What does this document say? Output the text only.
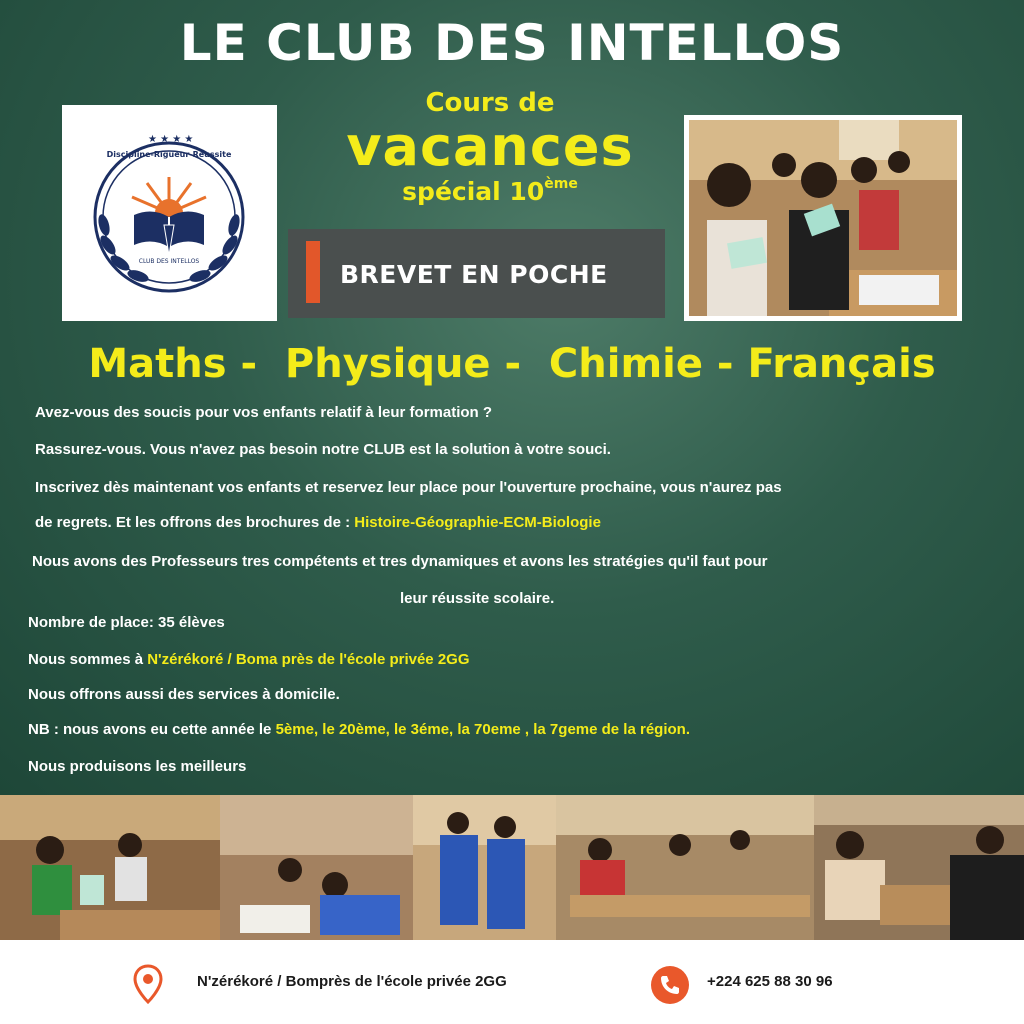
LE CLUB DES INTELLOS
★ ★ ★ ★
CLUB DES INTELLOS
Discipline-Rigueur-Réussite
Cours de
vacances
spécial 10ème
BREVET EN POCHE
Maths -  Physique -  Chimie - Français
Avez-vous des soucis pour vos enfants relatif à leur formation ?
Rassurez-vous. Vous n'avez pas besoin notre CLUB est la solution à votre souci.
Inscrivez dès maintenant vos enfants et reservez leur place pour l'ouverture prochaine, vous n'aurez pas
de regrets. Et les offrons des brochures de : Histoire-Géographie-ECM-Biologie
Nous avons des Professeurs tres compétents et tres dynamiques et avons les stratégies qu'il faut pour
leur réussite scolaire.
Nombre de place: 35 élèves
Nous sommes à N'zérékoré / Boma près de l'école privée 2GG
Nous offrons aussi des services à domicile.
NB : nous avons eu cette année le 5ème, le 20ème, le 3éme, la 70eme , la 7geme de la région.
Nous produisons les meilleurs
N'zérékoré / Bomprès de l'école privée 2GG	+224 625 88 30 96
